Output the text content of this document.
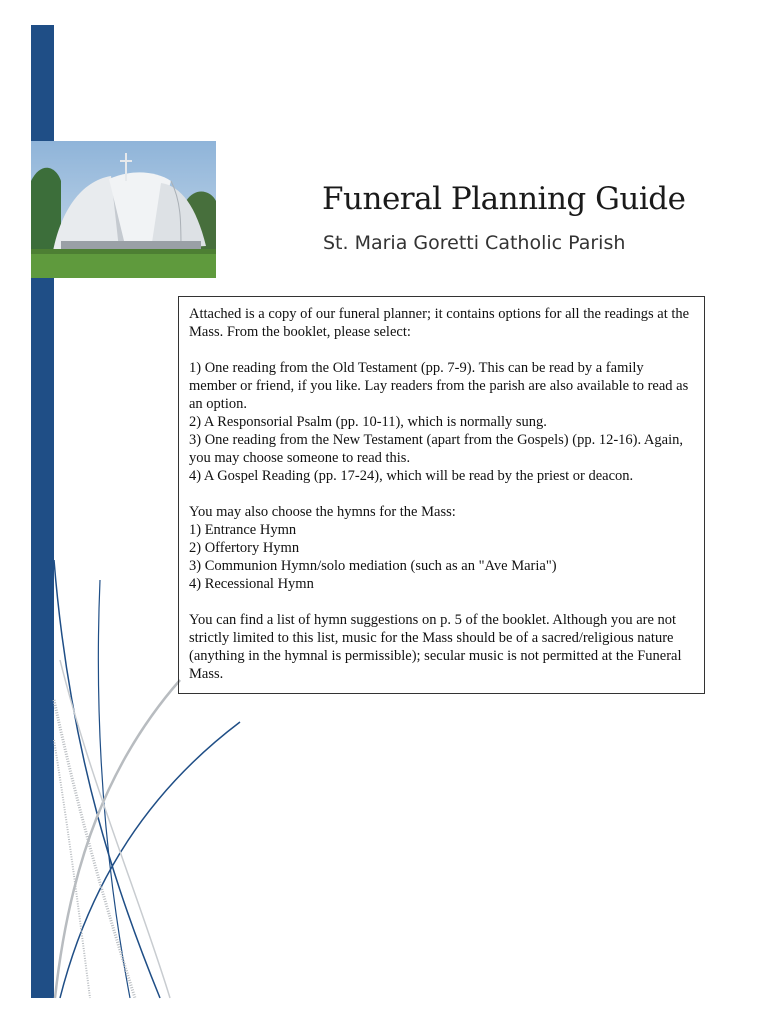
Funeral Planning Guide
St. Maria Goretti Catholic Parish

Attached is a copy of our funeral planner; it contains options for all the readings at the Mass. From the booklet, please select:

1) One reading from the Old Testament (pp. 7-9). This can be read by a family member or friend, if you like. Lay readers from the parish are also available to read as an option.
2) A Responsorial Psalm (pp. 10-11), which is normally sung.
3) One reading from the New Testament (apart from the Gospels) (pp. 12-16). Again, you may choose someone to read this.
4) A Gospel Reading (pp. 17-24), which will be read by the priest or deacon.

You may also choose the hymns for the Mass:

1) Entrance Hymn
2) Offertory Hymn
3) Communion Hymn/solo mediation (such as an "Ave Maria")
4) Recessional Hymn

You can find a list of hymn suggestions on p. 5 of the booklet. Although you are not strictly limited to this list, music for the Mass should be of a sacred/religious nature (anything in the hymnal is permissible); secular music is not permitted at the Funeral Mass.
